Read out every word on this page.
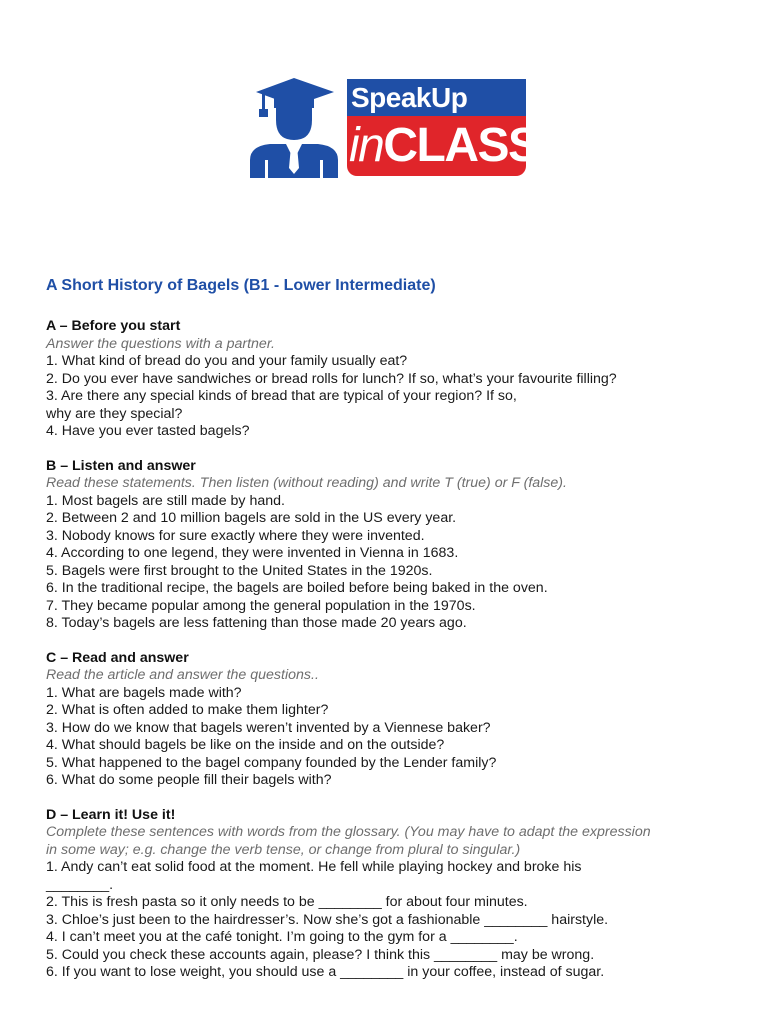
SpeakUp
inCLASS
A Short History of Bagels (B1 - Lower Intermediate)

A – Before you start

Answer the questions with a partner.

1. What kind of bread do you and your family usually eat?

2. Do you ever have sandwiches or bread rolls for lunch? If so, what’s your favourite filling?

3. Are there any special kinds of bread that are typical of your region? If so,

why are they special?

4. Have you ever tasted bagels?

B – Listen and answer

Read these statements. Then listen (without reading) and write T (true) or F (false).

1. Most bagels are still made by hand.

2. Between 2 and 10 million bagels are sold in the US every year.

3. Nobody knows for sure exactly where they were invented.

4. According to one legend, they were invented in Vienna in 1683.

5. Bagels were first brought to the United States in the 1920s.

6. In the traditional recipe, the bagels are boiled before being baked in the oven.

7. They became popular among the general population in the 1970s.

8. Today’s bagels are less fattening than those made 20 years ago.

C – Read and answer

Read the article and answer the questions..

1. What are bagels made with?

2. What is often added to make them lighter?

3. How do we know that bagels weren’t invented by a Viennese baker?

4. What should bagels be like on the inside and on the outside?

5. What happened to the bagel company founded by the Lender family?

6. What do some people fill their bagels with?

D – Learn it! Use it!

Complete these sentences with words from the glossary. (You may have to adapt the expression

in some way; e.g. change the verb tense, or change from plural to singular.)

1. Andy can’t eat solid food at the moment. He fell while playing hockey and broke his

________.

2. This is fresh pasta so it only needs to be ________ for about four minutes.

3. Chloe’s just been to the hairdresser’s. Now she’s got a fashionable ________ hairstyle.

4. I can’t meet you at the café tonight. I’m going to the gym for a ________.

5. Could you check these accounts again, please? I think this ________ may be wrong.

6. If you want to lose weight, you should use a ________ in your coffee, instead of sugar.
